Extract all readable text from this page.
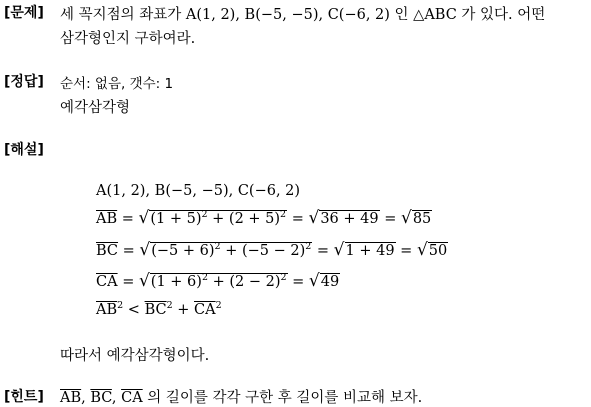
[문제] 세 꼭지점의 좌표가 A(1, 2), B(−5, −5), C(−6, 2) 인 △ABC 가 있다. 어떤
삼각형인지 구하여라.
[정답] 순서: 없음, 갯수: 1
예각삼각형
[해설]
A(1, 2), B(−5, −5), C(−6, 2)
$\overline{AB} = √(1 + 5)^2 + (2 + 5)^2 = √36 + 49 = √85$
$\overline{BC} = √(-5 + 6)^2 + (-5 - 2)^2 = √1 + 49 = √50$
$\overline{CA} = √(1 + 6)^2 + (2 - 2)^2 = √49$
$\overline{AB}^2 < \overline{BC}^2 + \overline{CA}^2$
따라서 예각삼각형이다.
[힌트] $\overline{AB}$, $\overline{BC}$, $\overline{CA}$ 의 길이를 각각 구한 후 길이를 비교해 보자.
